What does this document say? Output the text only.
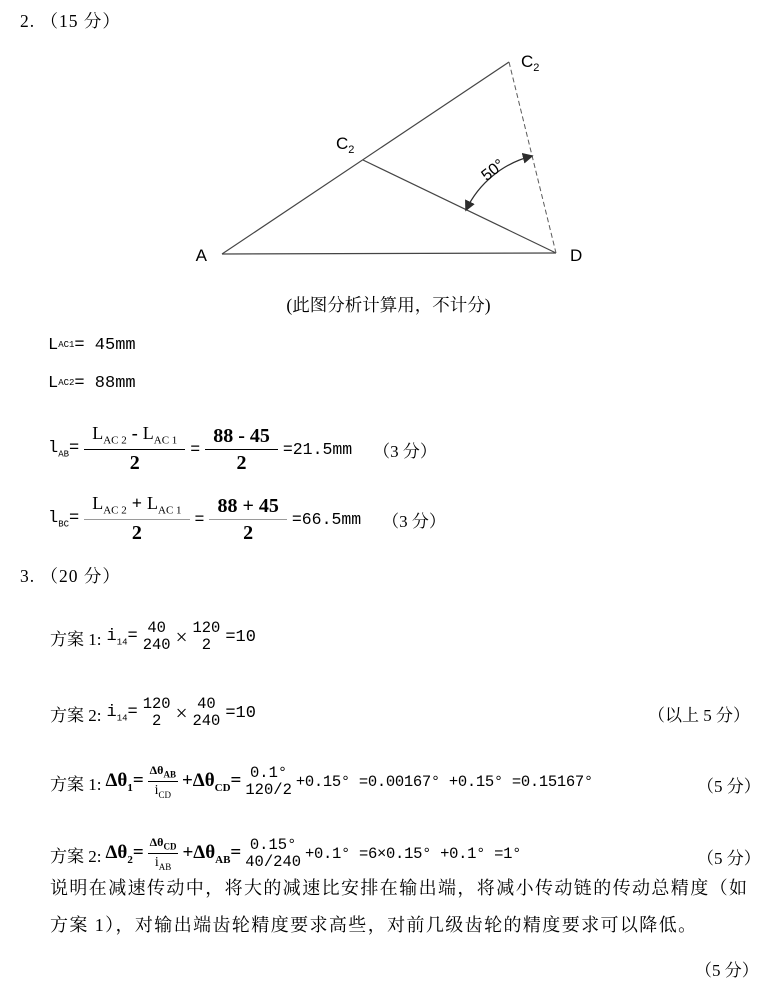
2. （15 分）
50°
A	D
$C_2$
$C_2$
(此图分析计算用，不计分)
L AC1 = 45mm
L AC2 = 88mm
$l_{AB}= \frac{L_{AC 2} - L_{AC 1}}{2} = \frac{88 - 45}{2} =21.5mm$ （3 分）
$l_{BC}= \frac{L_{AC 2} + L_{AC 1}}{2} = \frac{88 + 45}{2} =66.5mm$ （3 分）
3. （20 分）
方案 1: $i_{14}= 40$
240 × 120
2 =10
方案 2: $i_{14}= 120$
2 × 40
240 =10	（以上 5 分）
方案 1: $\Delta\theta_1=$
$\Delta\theta_{AB}$
$i_{CD}$
$+\Delta\theta_{CD}= 0.1^\circ$
120/2 +0.15° =0.00167° +0.15° =0.15167°	（5 分）
方案 2: $\Delta\theta_2=$
$\Delta\theta_{CD}$
$i_{AB}$
$+\Delta\theta_{AB}= 0.15^\circ$
40/240 +0.1° =6×0.15° +0.1° =1°	（5 分）
说明在减速传动中，将大的减速比安排在输出端，将减小传动链的传动总精度（如方案 1），对输出端齿轮精度要求高些，对前几级齿轮的精度要求可以降低。
（5 分）
